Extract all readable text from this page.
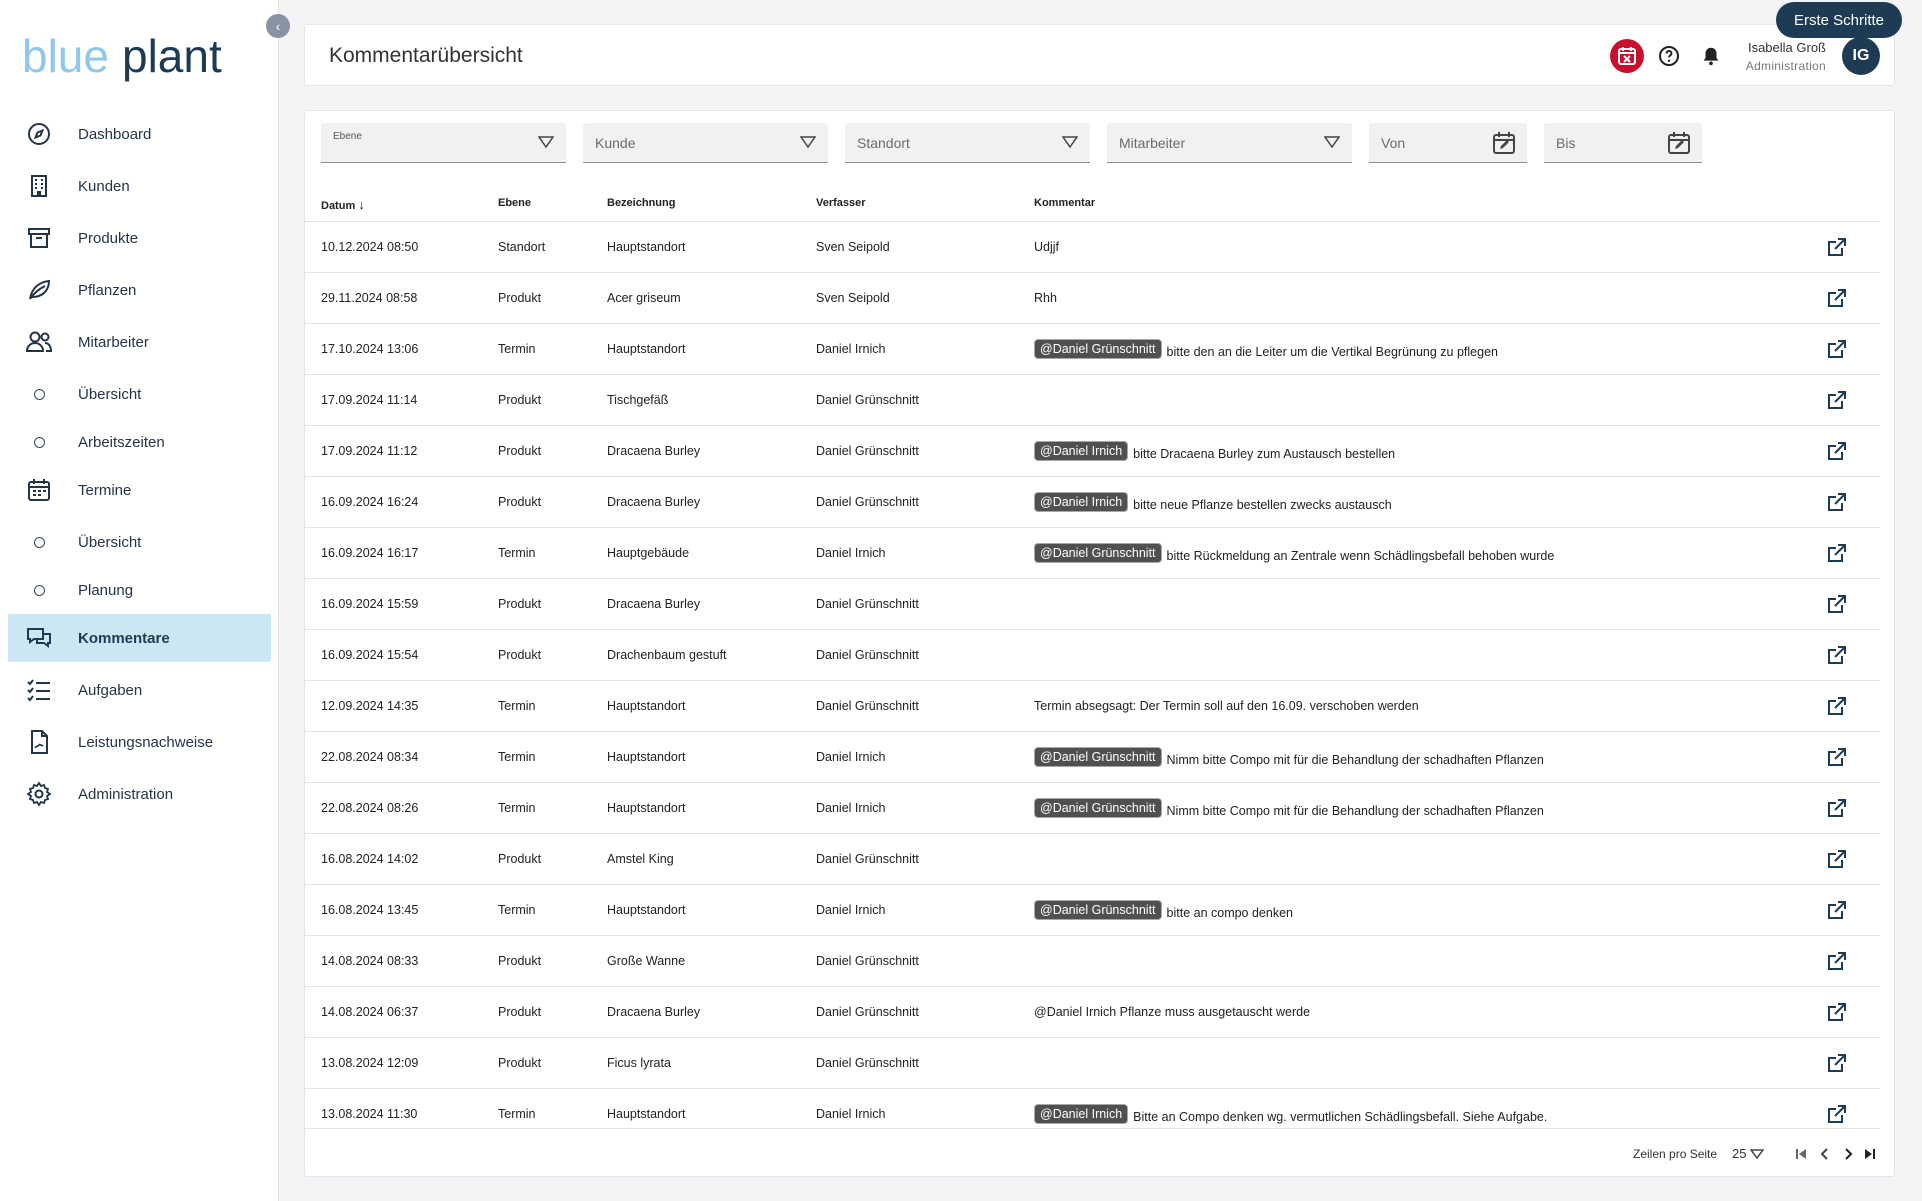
blue plant
Dashboard
Kunden
Produkte
Pflanzen
Mitarbeiter
Übersicht
Arbeitszeiten
Termine
Übersicht
Planung
Kommentare
Aufgaben
Leistungsnachweise
Administration
‹
Kommentarübersicht	Isabella Groß
Administration
IG
Erste Schritte
Ebene	Kunde	Standort	Mitarbeiter	Von	Bis
Datum ↓	Ebene	Bezeichnung	Verfasser	Kommentar
10.12.2024 08:50	Standort	Hauptstandort	Sven Seipold	Udjjf
29.11.2024 08:58	Produkt	Acer griseum	Sven Seipold	Rhh
17.10.2024 13:06	Termin	Hauptstandort	Daniel Irnich	@Daniel Grünschnitt bitte den an die Leiter um die Vertikal Begrünung zu pflegen
17.09.2024 11:14	Produkt	Tischgefäß	Daniel Grünschnitt
17.09.2024 11:12	Produkt	Dracaena Burley	Daniel Grünschnitt	@Daniel Irnich bitte Dracaena Burley zum Austausch bestellen
16.09.2024 16:24	Produkt	Dracaena Burley	Daniel Grünschnitt	@Daniel Irnich bitte neue Pflanze bestellen zwecks austausch
16.09.2024 16:17	Termin	Hauptgebäude	Daniel Irnich	@Daniel Grünschnitt bitte Rückmeldung an Zentrale wenn Schädlingsbefall behoben wurde
16.09.2024 15:59	Produkt	Dracaena Burley	Daniel Grünschnitt
16.09.2024 15:54	Produkt	Drachenbaum gestuft	Daniel Grünschnitt
12.09.2024 14:35	Termin	Hauptstandort	Daniel Grünschnitt	Termin absegsagt: Der Termin soll auf den 16.09. verschoben werden
22.08.2024 08:34	Termin	Hauptstandort	Daniel Irnich	@Daniel Grünschnitt Nimm bitte Compo mit für die Behandlung der schadhaften Pflanzen
22.08.2024 08:26	Termin	Hauptstandort	Daniel Irnich	@Daniel Grünschnitt Nimm bitte Compo mit für die Behandlung der schadhaften Pflanzen
16.08.2024 14:02	Produkt	Amstel King	Daniel Grünschnitt
16.08.2024 13:45	Termin	Hauptstandort	Daniel Irnich	@Daniel Grünschnitt bitte an compo denken
14.08.2024 08:33	Produkt	Große Wanne	Daniel Grünschnitt
14.08.2024 06:37	Produkt	Dracaena Burley	Daniel Grünschnitt	@Daniel Irnich Pflanze muss ausgetauscht werde
13.08.2024 12:09	Produkt	Ficus lyrata	Daniel Grünschnitt
13.08.2024 11:30	Termin	Hauptstandort	Daniel Irnich	@Daniel Irnich Bitte an Compo denken wg. vermutlichen Schädlingsbefall. Siehe Aufgabe.
Zeilen pro Seite 25
